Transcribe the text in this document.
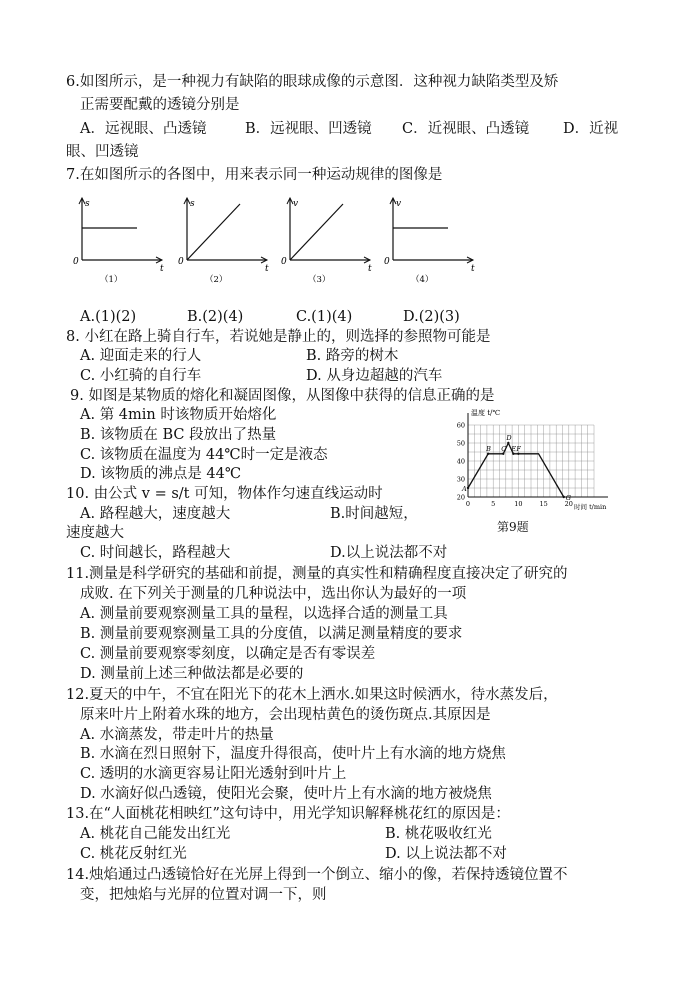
6.如图所示，是一种视力有缺陷的眼球成像的示意图．这种视力缺陷类型及矫
正需要配戴的透镜分别是
A．远视眼、凸透镜	B．远视眼、凹透镜 C．近视眼、凸透镜 D．近视
眼、凹透镜
7.在如图所示的各图中，用来表示同一种运动规律的图像是
s
t
0
（1）
s
t
0
（2）
v
t
0
（3）
v
t
0
（4）
A.(1)(2)	B.(2)(4)	C.(1)(4)	D.(2)(3)
8. 小红在路上骑自行车，若说她是静止的，则选择的参照物可能是
A. 迎面走来的行人	B. 路旁的树木
C. 小红骑的自行车	D. 从身边超越的汽车
9. 如图是某物质的熔化和凝固图像，从图像中获得的信息正确的是
A. 第 4min 时该物质开始熔化
B. 该物质在 BC 段放出了热量
C. 该物质在温度为 44℃时一定是液态
D. 该物质的沸点是 44℃
温度 t/℃
时间 t/min
20
30
40
50
60
0	5	10	15	20
A
B C
D
E F
G
第9题
10. 由公式 v = s/t 可知，物体作匀速直线运动时
A. 路程越大，速度越大	B.时间越短，
速度越大
C. 时间越长，路程越大	D.以上说法都不对
11.测量是科学研究的基础和前提，测量的真实性和精确程度直接决定了研究的
成败. 在下列关于测量的几种说法中，选出你认为最好的一项
A. 测量前要观察测量工具的量程，以选择合适的测量工具
B. 测量前要观察测量工具的分度值，以满足测量精度的要求
C. 测量前要观察零刻度，以确定是否有零误差
D. 测量前上述三种做法都是必要的
12.夏天的中午，不宜在阳光下的花木上洒水.如果这时候洒水，待水蒸发后，
原来叶片上附着水珠的地方，会出现枯黄色的烫伤斑点.其原因是
A. 水滴蒸发，带走叶片的热量
B. 水滴在烈日照射下，温度升得很高，使叶片上有水滴的地方烧焦
C. 透明的水滴更容易让阳光透射到叶片上
D. 水滴好似凸透镜，使阳光会聚，使叶片上有水滴的地方被烧焦
13.在“人面桃花相映红”这句诗中，用光学知识解释桃花红的原因是：
A. 桃花自己能发出红光	B. 桃花吸收红光
C. 桃花反射红光	D. 以上说法都不对
14.烛焰通过凸透镜恰好在光屏上得到一个倒立、缩小的像，若保持透镜位置不
变，把烛焰与光屏的位置对调一下，则
